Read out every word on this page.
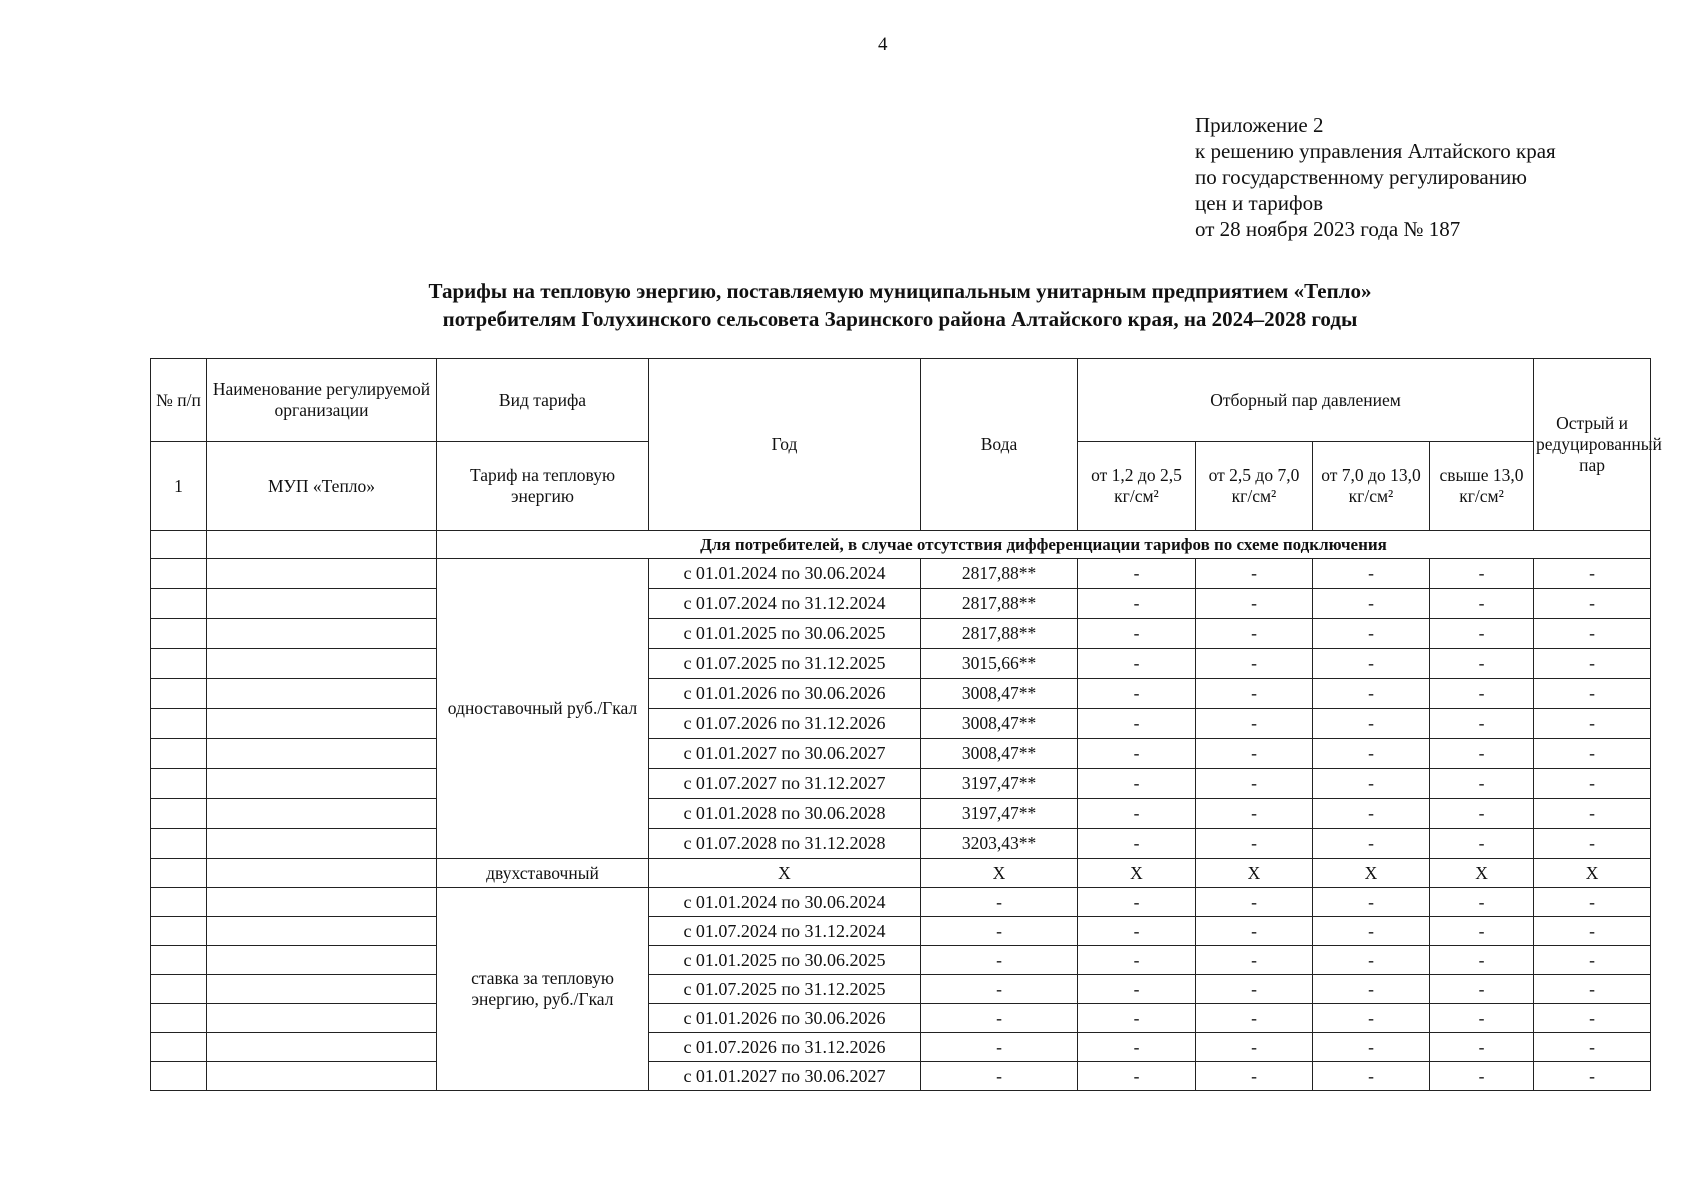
4
Приложение 2
к решению управления Алтайского края
по государственному регулированию
цен и тарифов
от 28 ноября 2023 года № 187
Тарифы на тепловую энергию, поставляемую муниципальным унитарным предприятием «Тепло»
потребителям Голухинского сельсовета Заринского района Алтайского края, на 2024–2028 годы
№ п/п	Наименование регулируемой организации	Вид тарифа	Год	Вода	Отборный пар давлением				Острый и редуцированный пар
1	МУП «Тепло»	Тариф на тепловую энергию			от 1,2 до 2,5 кг/см²	от 2,5 до 7,0 кг/см²	от 7,0 до 13,0 кг/см²	свыше 13,0 кг/см²	
		Для потребителей, в случае отсутствия дифференциации тарифов по схеме подключения							
		одноставочный руб./Гкал	с 01.01.2024 по 30.06.2024	2817,88**	-	-	-	-	-
			с 01.07.2024 по 31.12.2024	2817,88**	-	-	-	-	-
			с 01.01.2025 по 30.06.2025	2817,88**	-	-	-	-	-
			с 01.07.2025 по 31.12.2025	3015,66**	-	-	-	-	-
			с 01.01.2026 по 30.06.2026	3008,47**	-	-	-	-	-
			с 01.07.2026 по 31.12.2026	3008,47**	-	-	-	-	-
			с 01.01.2027 по 30.06.2027	3008,47**	-	-	-	-	-
			с 01.07.2027 по 31.12.2027	3197,47**	-	-	-	-	-
			с 01.01.2028 по 30.06.2028	3197,47**	-	-	-	-	-
			с 01.07.2028 по 31.12.2028	3203,43**	-	-	-	-	-
		двухставочный	X	X	X	X	X	X	X
		ставка за тепловую энергию, руб./Гкал	с 01.01.2024 по 30.06.2024	-	-	-	-	-	-
			с 01.07.2024 по 31.12.2024	-	-	-	-	-	-
			с 01.01.2025 по 30.06.2025	-	-	-	-	-	-
			с 01.07.2025 по 31.12.2025	-	-	-	-	-	-
			с 01.01.2026 по 30.06.2026	-	-	-	-	-	-
			с 01.07.2026 по 31.12.2026	-	-	-	-	-	-
			с 01.01.2027 по 30.06.2027	-	-	-	-	-	-
